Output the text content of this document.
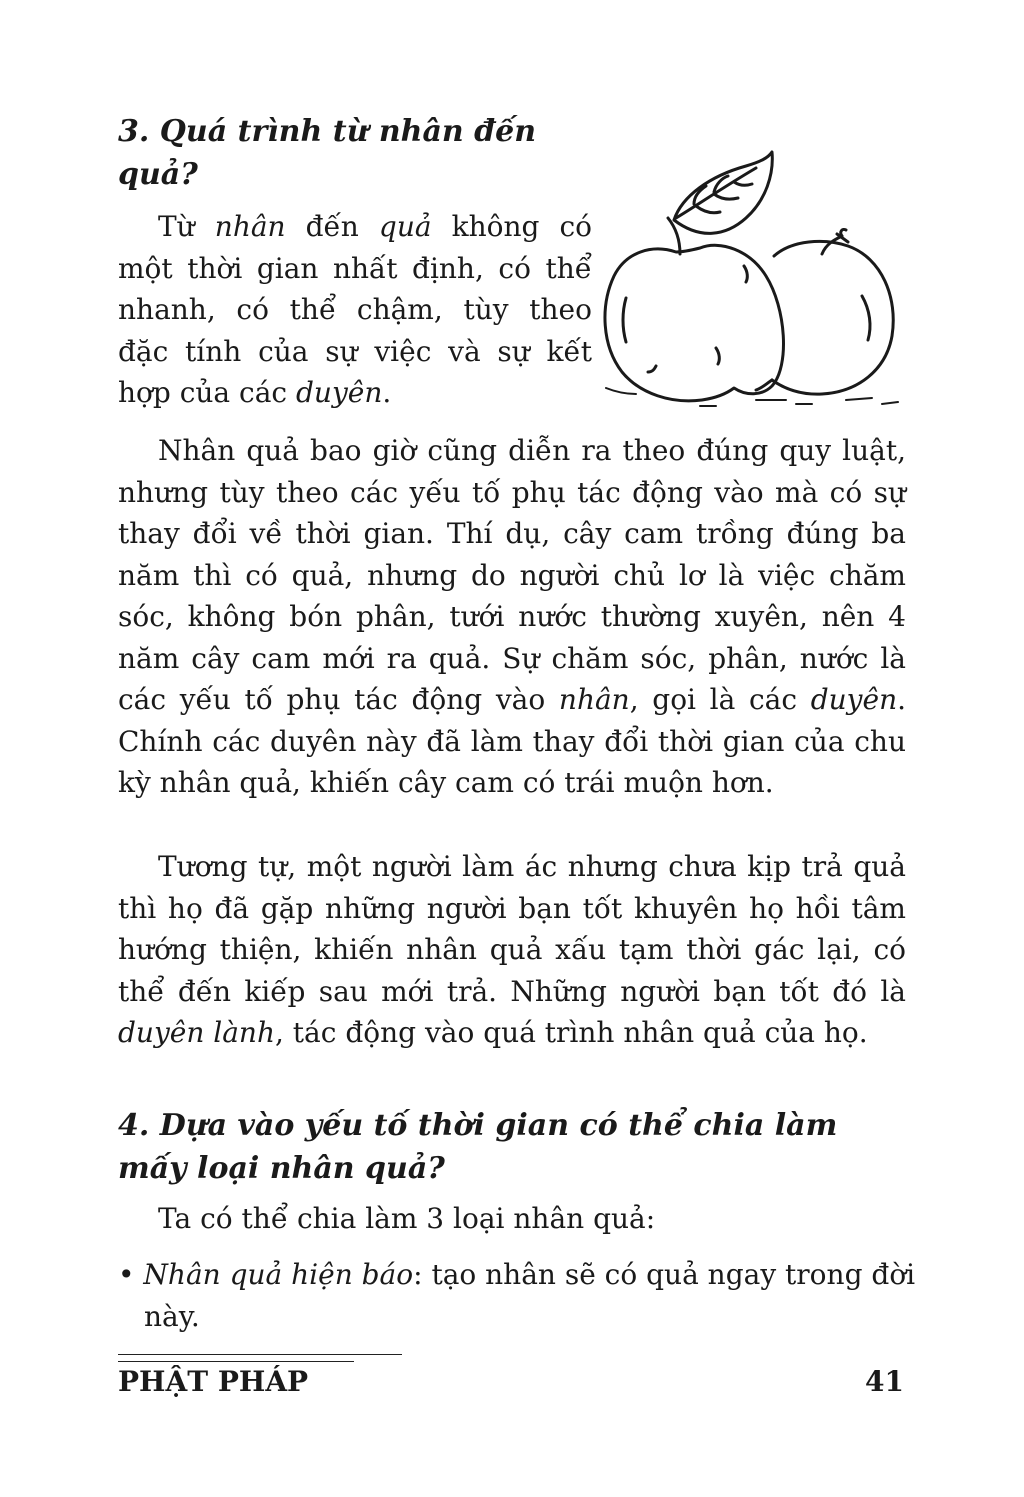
3. Quá trình từ nhân đến
quả?

Từ nhân đến quả không có một thời gian nhất định, có thể nhanh, có thể chậm, tùy theo đặc tính của sự việc và sự kết hợp của các duyên.

Nhân quả bao giờ cũng diễn ra theo đúng quy luật, nhưng tùy theo các yếu tố phụ tác động vào mà có sự thay đổi về thời gian. Thí dụ, cây cam trồng đúng ba năm thì có quả, nhưng do người chủ lơ là việc chăm sóc, không bón phân, tưới nước thường xuyên, nên 4 năm cây cam mới ra quả. Sự chăm sóc, phân, nước là các yếu tố phụ tác động vào nhân, gọi là các duyên. Chính các duyên này đã làm thay đổi thời gian của chu kỳ nhân quả, khiến cây cam có trái muộn hơn.

Tương tự, một người làm ác nhưng chưa kịp trả quả thì họ đã gặp những người bạn tốt khuyên họ hồi tâm hướng thiện, khiến nhân quả xấu tạm thời gác lại, có thể đến kiếp sau mới trả. Những người bạn tốt đó là duyên lành, tác động vào quá trình nhân quả của họ.

4. Dựa vào yếu tố thời gian có thể chia làm
mấy loại nhân quả?

Ta có thể chia làm 3 loại nhân quả:

• Nhân quả hiện báo: tạo nhân sẽ có quả ngay trong đời này.

PHẬT PHÁP	41
